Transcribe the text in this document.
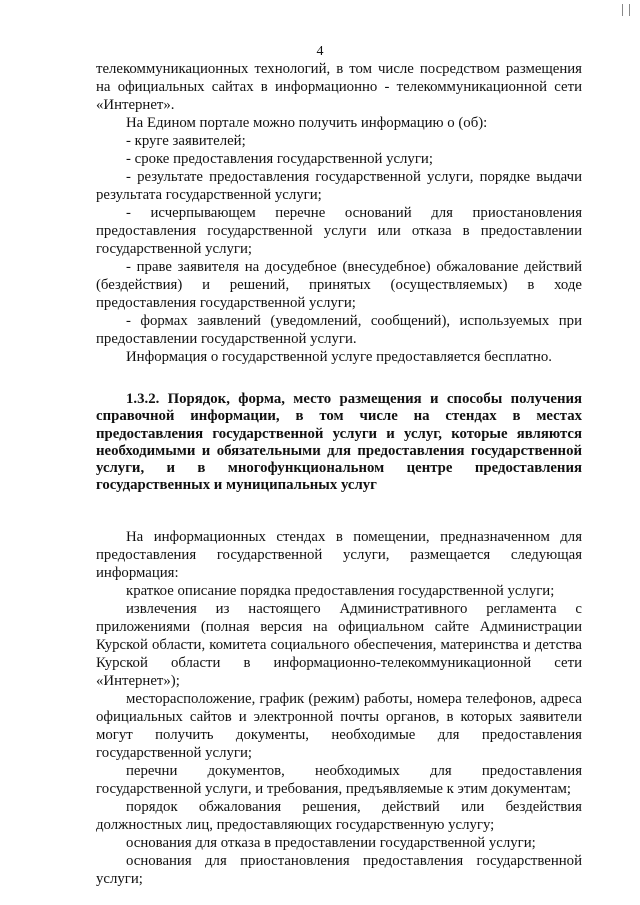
4

телекоммуникационных технологий, в том числе посредством размещения на официальных сайтах в информационно - телекоммуникационной сети «Интернет».

На Едином портале можно получить информацию о (об):

- круге заявителей;

- сроке предоставления государственной услуги;

- результате предоставления государственной услуги, порядке выдачи результата государственной услуги;

- исчерпывающем перечне оснований для приостановления предоставления государственной услуги или отказа в предоставлении государственной услуги;

- праве заявителя на досудебное (внесудебное) обжалование действий (бездействия) и решений, принятых (осуществляемых) в ходе предоставления государственной услуги;

- формах заявлений (уведомлений, сообщений), используемых при предоставлении государственной услуги.

Информация о государственной услуге предоставляется бесплатно.

1.3.2. Порядок, форма, место размещения и способы получения справочной информации, в том числе на стендах в местах предоставления государственной услуги и услуг, которые являются необходимыми и обязательными для предоставления государственной услуги, и в многофункциональном центре предоставления государственных и муниципальных услуг

На информационных стендах в помещении, предназначенном для предоставления государственной услуги, размещается следующая информация:

краткое описание порядка предоставления государственной услуги;

извлечения из настоящего Административного регламента с приложениями (полная версия на официальном сайте Администрации Курской области, комитета социального обеспечения, материнства и детства Курской области в информационно-телекоммуникационной сети «Интернет»);

месторасположение, график (режим) работы, номера телефонов, адреса официальных сайтов и электронной почты органов, в которых заявители могут получить документы, необходимые для предоставления государственной услуги;

перечни документов, необходимых для предоставления государственной услуги, и требования, предъявляемые к этим документам;

порядок обжалования решения, действий или бездействия должностных лиц, предоставляющих государственную услугу;

основания для отказа в предоставлении государственной услуги;

основания для приостановления предоставления государственной услуги;
